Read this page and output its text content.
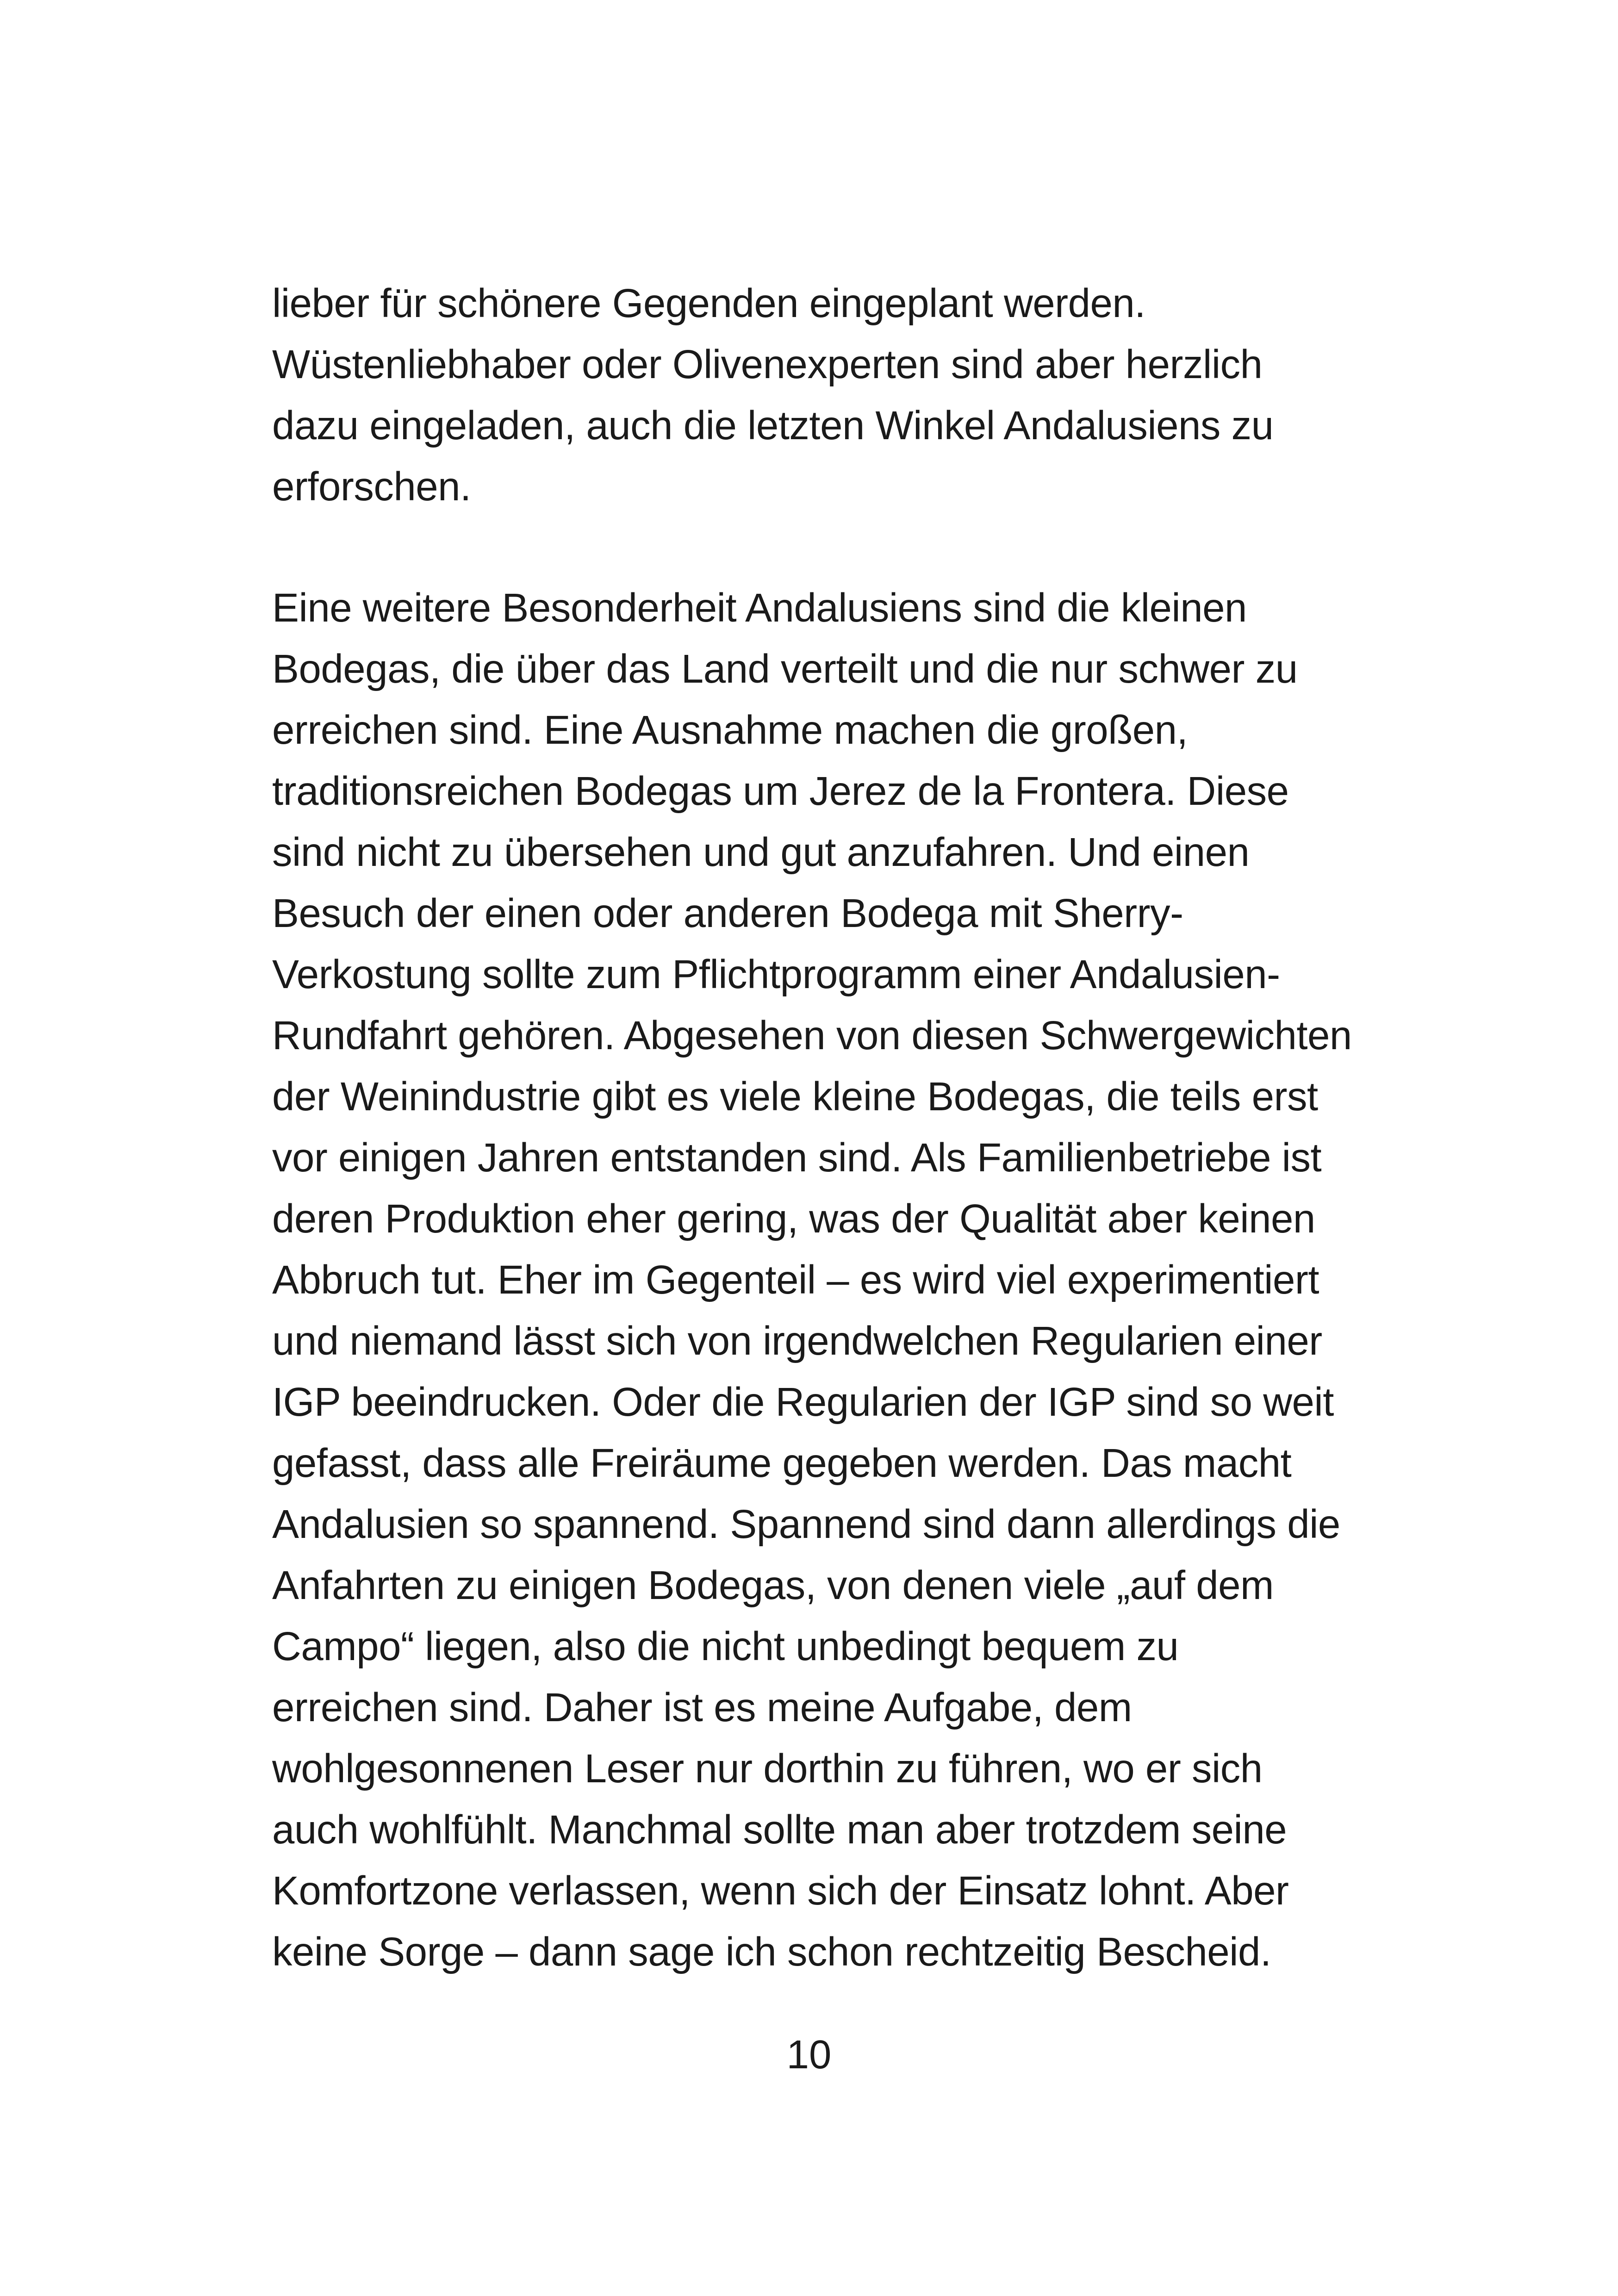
lieber für schönere Gegenden eingeplant werden.
Wüstenliebhaber oder Olivenexperten sind aber herzlich
dazu eingeladen, auch die letzten Winkel Andalusiens zu
erforschen.

Eine weitere Besonderheit Andalusiens sind die kleinen
Bodegas, die über das Land verteilt und die nur schwer zu
erreichen sind. Eine Ausnahme machen die großen,
traditionsreichen Bodegas um Jerez de la Frontera. Diese
sind nicht zu übersehen und gut anzufahren. Und einen
Besuch der einen oder anderen Bodega mit Sherry-
Verkostung sollte zum Pflichtprogramm einer Andalusien-
Rundfahrt gehören. Abgesehen von diesen Schwergewichten
der Weinindustrie gibt es viele kleine Bodegas, die teils erst
vor einigen Jahren entstanden sind. Als Familienbetriebe ist
deren Produktion eher gering, was der Qualität aber keinen
Abbruch tut. Eher im Gegenteil – es wird viel experimentiert
und niemand lässt sich von irgendwelchen Regularien einer
IGP beeindrucken. Oder die Regularien der IGP sind so weit
gefasst, dass alle Freiräume gegeben werden. Das macht
Andalusien so spannend. Spannend sind dann allerdings die
Anfahrten zu einigen Bodegas, von denen viele „auf dem
Campo“ liegen, also die nicht unbedingt bequem zu
erreichen sind. Daher ist es meine Aufgabe, dem
wohlgesonnenen Leser nur dorthin zu führen, wo er sich
auch wohlfühlt. Manchmal sollte man aber trotzdem seine
Komfortzone verlassen, wenn sich der Einsatz lohnt. Aber
keine Sorge – dann sage ich schon rechtzeitig Bescheid.

10
